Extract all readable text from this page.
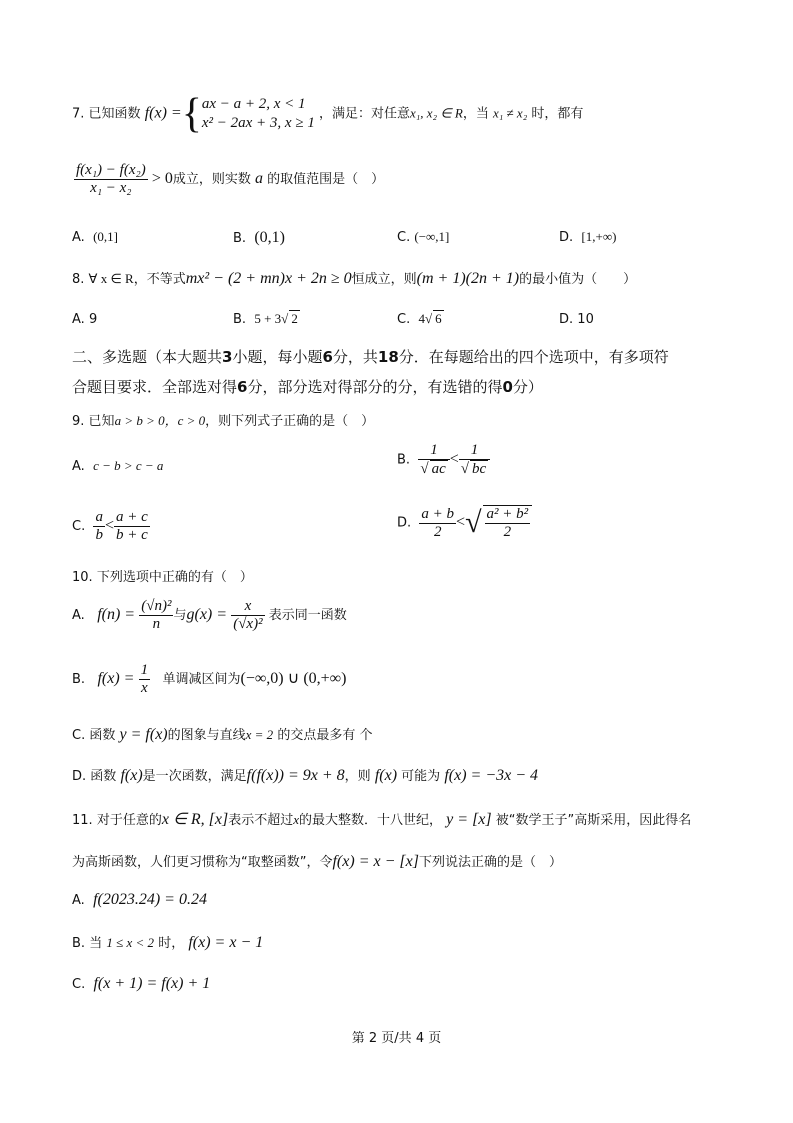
7. 已知函数 f(x) ={ ax − a + 2, x < 1
x² − 2ax + 3, x ≥ 1
，满足：对任意x₁, x₂ ∈ R，当 x₁ ≠ x₂ 时，都有
$\frac{\text{f(x₁) − f(x₂)}}{\text{x₁ − x₂}} > 0$成立，则实数 a 的取值范围是（　）
A. (0,1]	B. (0,1)	C. (−∞,1]	D. [1,+∞)
8. ∀ x ∈ R，不等式mx² − (2 + mn)x + 2n ≥ 0恒成立，则(m + 1)(2n + 1)的最小值为（　　）
A. 9	B. 5 + 3√ 2	C. 4√ 6	D. 10
二、多选题（本大题共3小题，每小题6分，共18分．在每题给出的四个选项中，有多项符
合题目要求．全部选对得6分，部分选对得部分的分，有选错的得0分）
9. 已知a > b > 0，c > 0，则下列式子正确的是（　）
A. c − b > c − a	B. $\frac{1}{√ ac} < \frac{1}{√ bc}$
C. $\frac{a}{b} < \frac{a + c}{b + c}$	D. $\frac{a + b}{2}$ <√ $\frac{\text{a² + b²}}{2}$
10. 下列选项中正确的有（　）
A. $f(n) = \frac{\text{(√n)²}}{n}$ 与$g(x) = \frac{x}{\text{(√x)²}}$ 表示同一函数
B. $f(x) = \frac{1}{x}$ 单调减区间为(−∞,0) ∪ (0,+∞)
C. 函数 y = f(x)的图象与直线x = 2 的交点最多有 个
D. 函数 f(x)是一次函数，满足f(f(x)) = 9x + 8，则 f(x) 可能为 f(x) = −3x − 4
11. 对于任意的x ∈ R, [x]表示不超过x的最大整数．十八世纪， y = [x] 被“数学王子”高斯采用，因此得名
为高斯函数，人们更习惯称为“取整函数”，令f(x) = x − [x]下列说法正确的是（　）
A. f(2023.24) = 0.24
B. 当 1 ≤ x < 2 时， f(x) = x − 1
C. f(x + 1) = f(x) + 1
第 2 页/共 4 页
